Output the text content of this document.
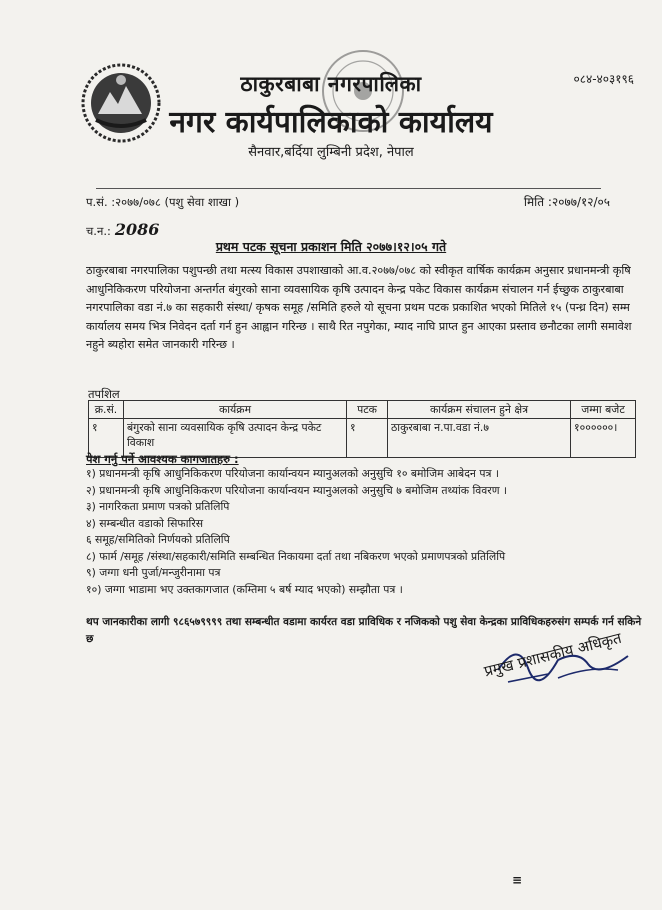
ठाकुरबाबा नगरपालिका
नगर कार्यपालिकाको कार्यालय
सैनवार,बर्दिया लुम्बिनी प्रदेश, नेपाल
०८४-४०३१९६
प.सं. :२०७७/०७८ (पशु सेवा शाखा )	मिति :२०७७/१२/०५
च.न.: 2086
प्रथम पटक सूचना प्रकाशन मिति २०७७।१२।०५ गते

ठाकुरबाबा नगरपालिका पशुपन्छी तथा मत्स्य विकास उपशाखाको आ.व.२०७७/०७८ को स्वीकृत वार्षिक कार्यक्रम अनुसार प्रधानमन्त्री कृषि आधुनिकिकरण परियोजना अन्तर्गत बंगुरको साना व्यवसायिक कृषि उत्पादन केन्द्र पकेट विकास कार्यक्रम संचालन गर्न ईच्छुक ठाकुरबाबा नगरपालिका वडा नं.७ का सहकारी संस्था/ कृषक समूह /समिति हरुले यो सूचना प्रथम पटक प्रकाशित भएको मितिले १५ (पन्ध्र दिन) सम्म कार्यालय समय भित्र निवेदन दर्ता गर्न हुन आह्वान गरिन्छ । साथै रित नपुगेका, म्याद नाघि प्राप्त हुन आएका प्रस्ताव छनौटका लागी समावेश नहुने ब्यहोरा समेत जानकारी गरिन्छ ।

तपशिल
क्र.सं.	कार्यक्रम	पटक	कार्यक्रम संचालन हुने क्षेत्र	जम्मा बजेट
१	बंगुरको साना व्यवसायिक कृषि उत्पादन केन्द्र पकेट विकाश	१	ठाकुरबाबा न.पा.वडा नं.७	१००००००।
पेश गर्नु पर्ने आवश्यक कागजातहरु :
१) प्रधानमन्त्री कृषि आधुनिकिकरण परियोजना कार्यान्वयन म्यानुअलको अनुसुचि १० बमोजिम आबेदन पत्र ।
२) प्रधानमन्त्री कृषि आधुनिकिकरण परियोजना कार्यान्वयन म्यानुअलको अनुसुचि ७ बमोजिम तथ्यांक विवरण ।
३) नागरिकता प्रमाण पत्रको प्रतिलिपि
४) सम्बन्धीत वडाको सिफारिस
६ समूह/समितिको निर्णयको प्रतिलिपि
८) फार्म /समूह /संस्था/सहकारी/समिति सम्बन्धित निकायमा दर्ता तथा नबिकरण भएको प्रमाणपत्रको प्रतिलिपि
९) जग्गा धनी पुर्जा/मन्जुरीनामा पत्र
१०) जग्गा भाडामा भए उक्तकागजात (कम्तिमा ५ बर्ष म्याद भएको) सम्झौता पत्र ।
थप जानकारीका लागी ९८६५७९९९९ तथा सम्बन्धीत वडामा कार्यरत वडा प्राविधिक र नजिकको पशु सेवा केन्द्रका प्राविधिकहरुसंग सम्पर्क गर्न सकिने छ	प्रमुख प्रशासकीय अधिकृत
≡
